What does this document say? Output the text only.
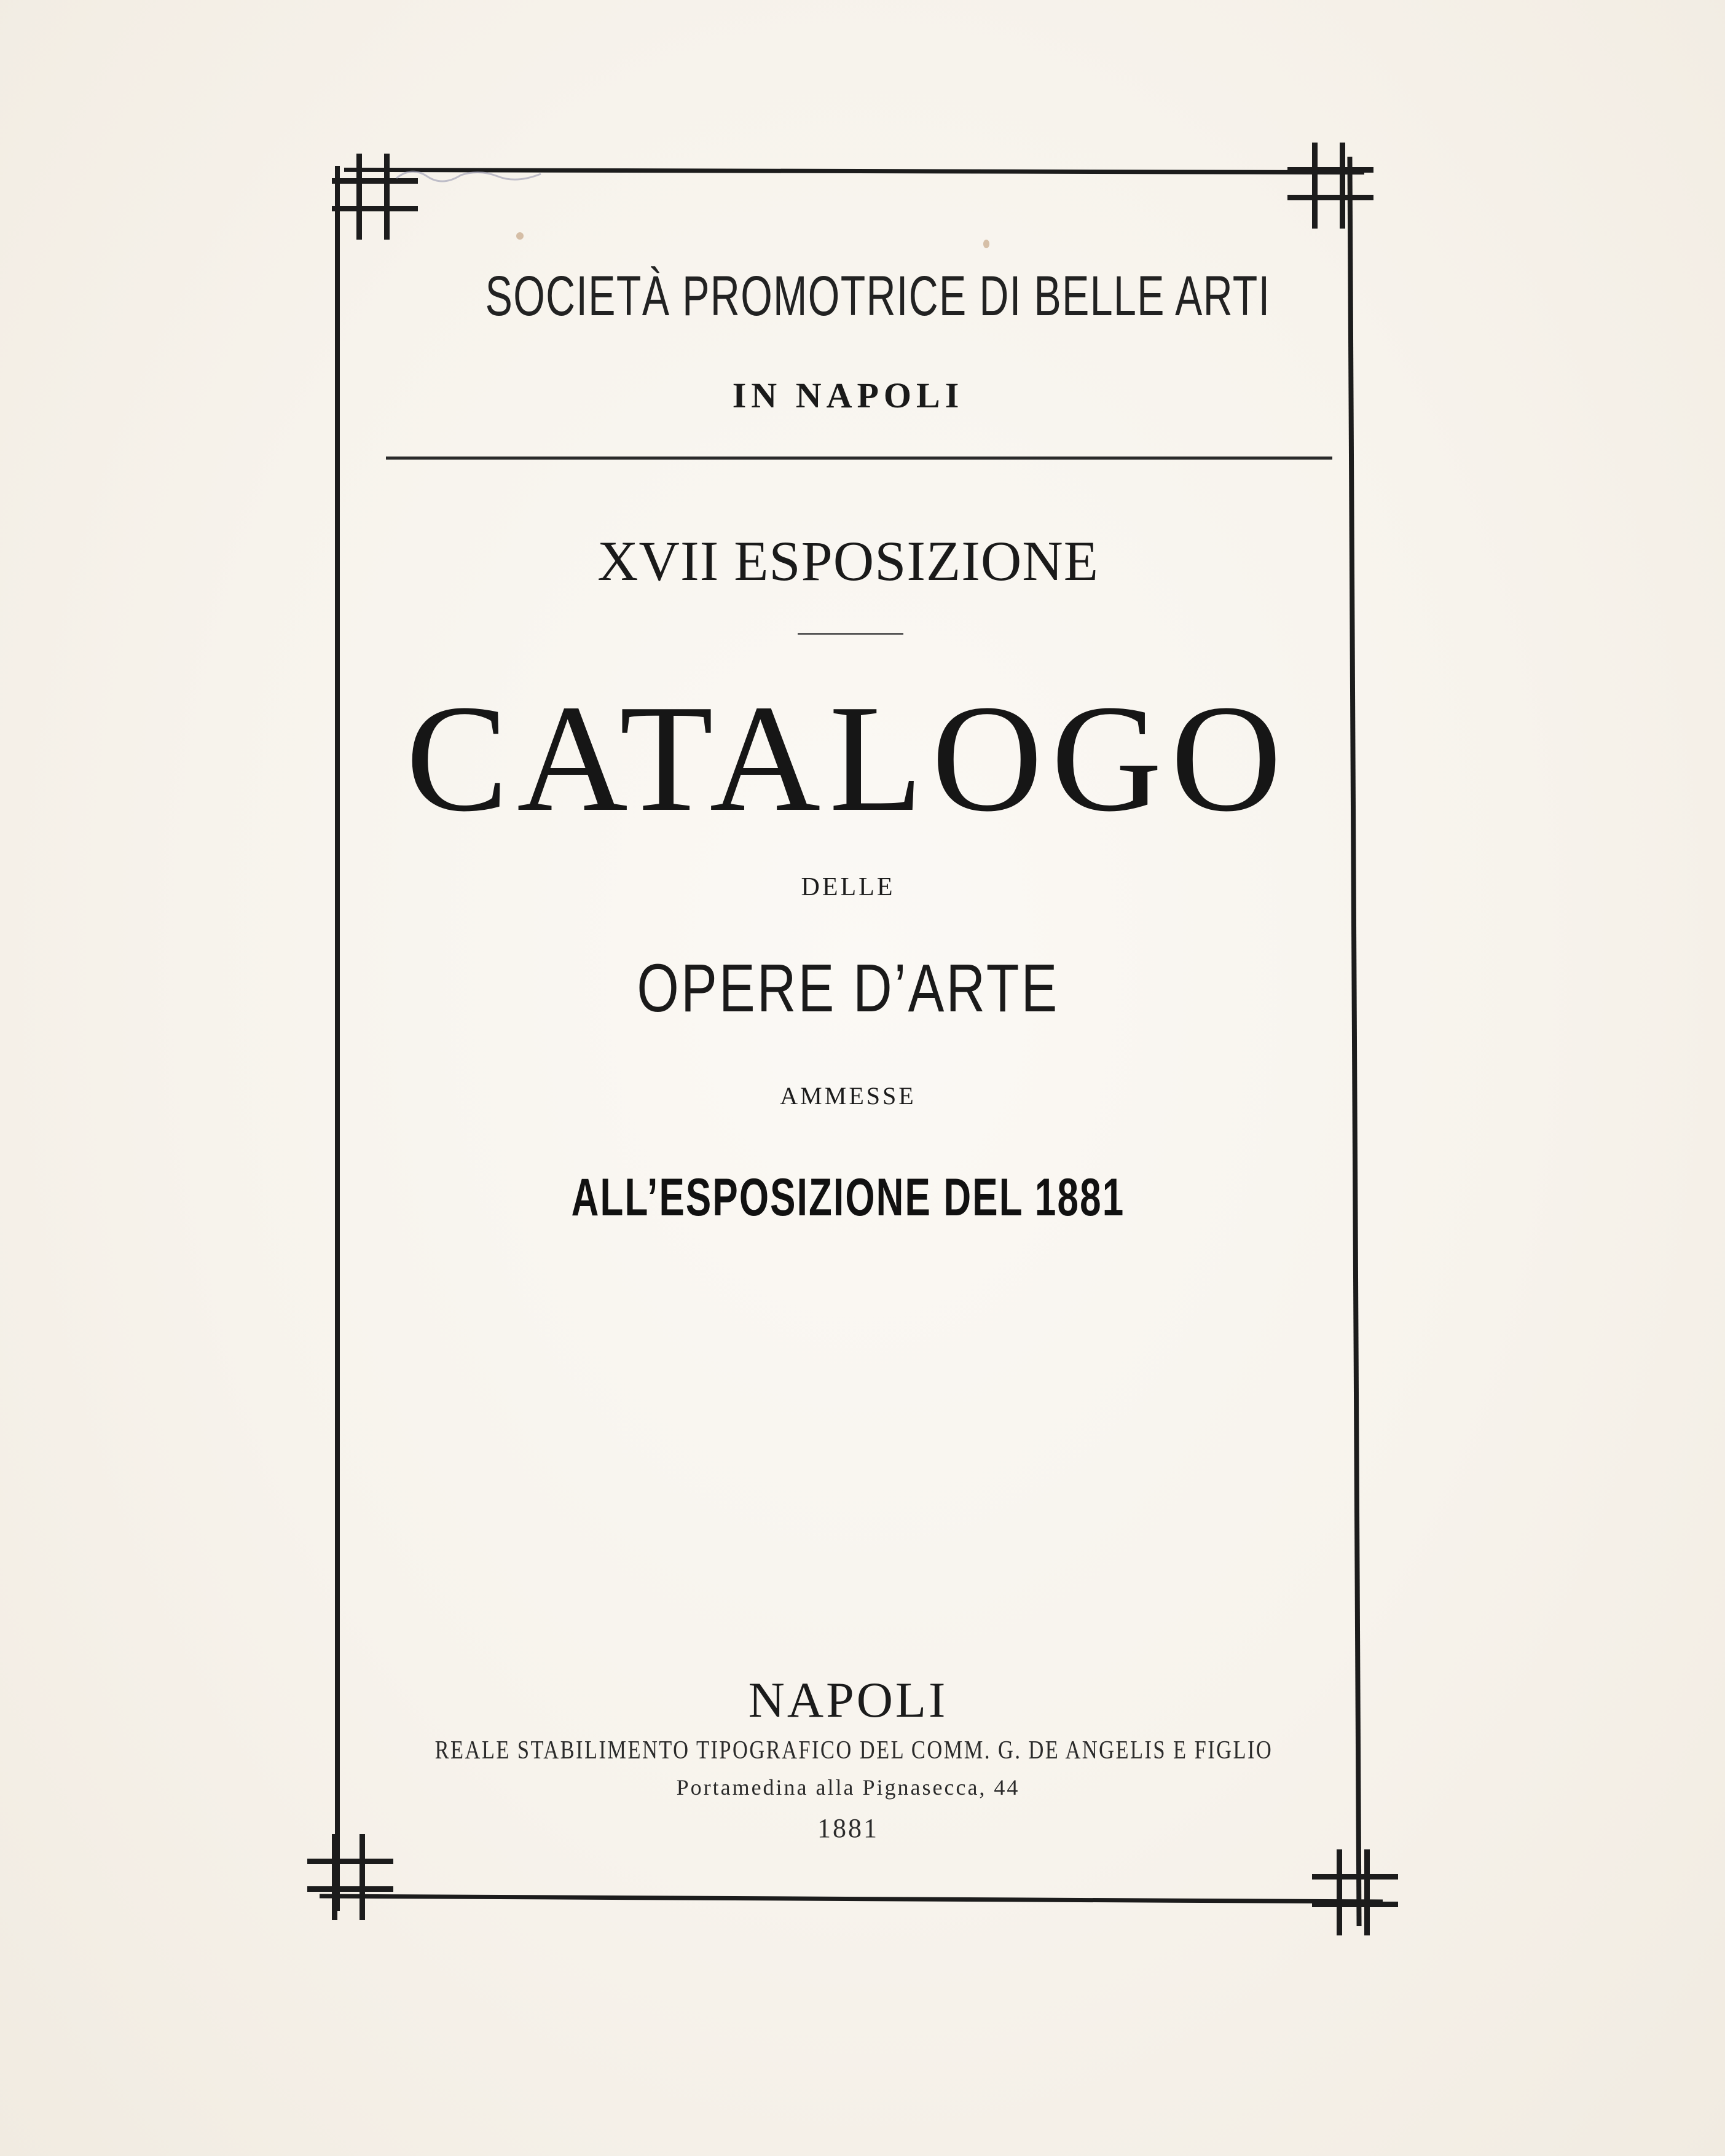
SOCIETÀ PROMOTRICE DI BELLE ARTI
IN NAPOLI
XVII ESPOSIZIONE
CATALOGO
DELLE
OPERE D’ARTE
AMMESSE
ALL’ESPOSIZIONE DEL 1881
NAPOLI
REALE STABILIMENTO TIPOGRAFICO DEL COMM. G. DE ANGELIS E FIGLIO
Portamedina alla Pignasecca, 44
1881
